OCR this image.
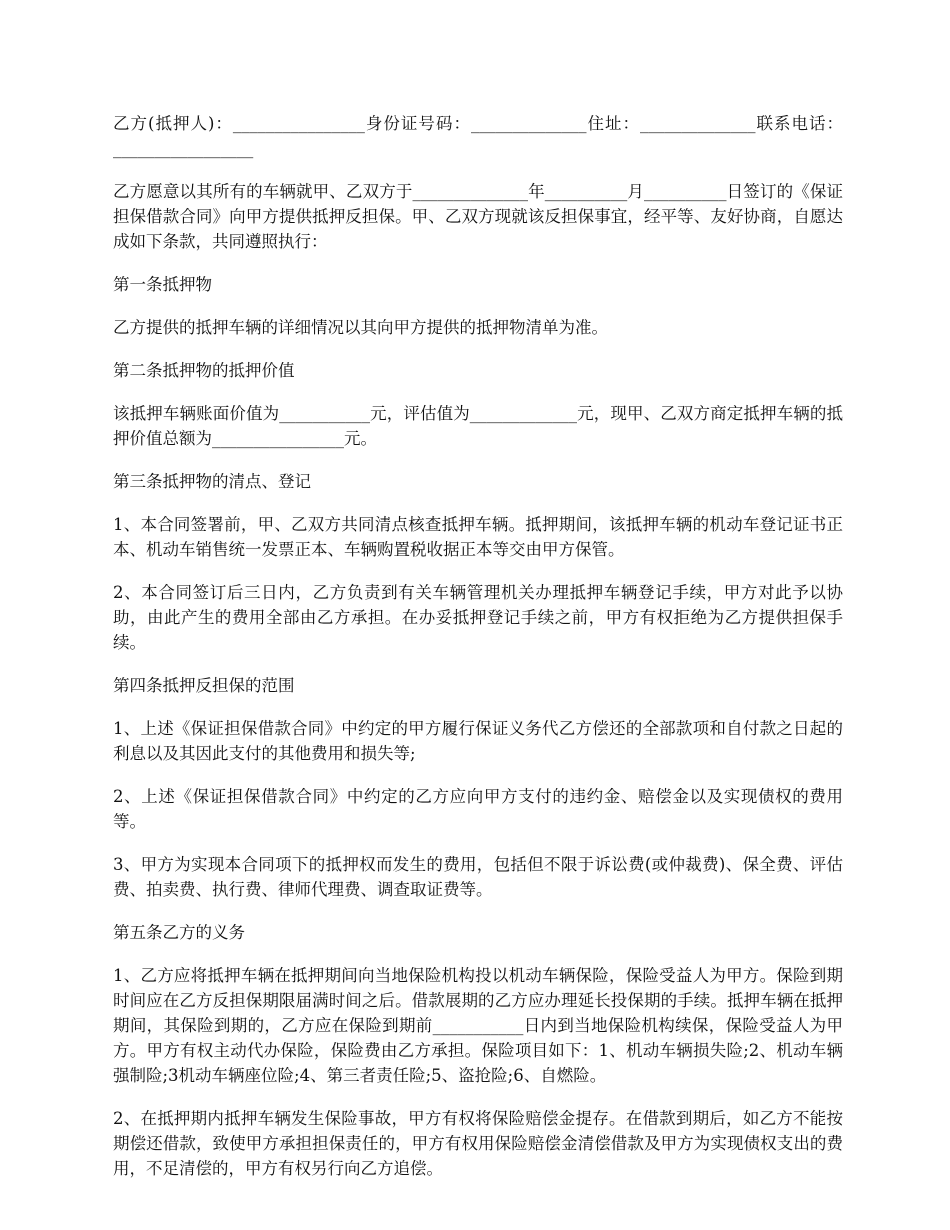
乙方(抵押人)：________________身份证号码：______________住址：______________联系电话：_________________

乙方愿意以其所有的车辆就甲、乙双方于______________年__________月__________日签订的《保证担保借款合同》向甲方提供抵押反担保。甲、乙双方现就该反担保事宜，经平等、友好协商，自愿达成如下条款，共同遵照执行：

第一条抵押物

乙方提供的抵押车辆的详细情况以其向甲方提供的抵押物清单为准。

第二条抵押物的抵押价值

该抵押车辆账面价值为___________元，评估值为_____________元，现甲、乙双方商定抵押车辆的抵押价值总额为________________元。

第三条抵押物的清点、登记

1、本合同签署前，甲、乙双方共同清点核查抵押车辆。抵押期间，该抵押车辆的机动车登记证书正本、机动车销售统一发票正本、车辆购置税收据正本等交由甲方保管。

2、本合同签订后三日内，乙方负责到有关车辆管理机关办理抵押车辆登记手续，甲方对此予以协助，由此产生的费用全部由乙方承担。在办妥抵押登记手续之前，甲方有权拒绝为乙方提供担保手续。

第四条抵押反担保的范围

1、上述《保证担保借款合同》中约定的甲方履行保证义务代乙方偿还的全部款项和自付款之日起的利息以及其因此支付的其他费用和损失等;

2、上述《保证担保借款合同》中约定的乙方应向甲方支付的违约金、赔偿金以及实现债权的费用等。

3、甲方为实现本合同项下的抵押权而发生的费用，包括但不限于诉讼费(或仲裁费)、保全费、评估费、拍卖费、执行费、律师代理费、调查取证费等。

第五条乙方的义务

1、乙方应将抵押车辆在抵押期间向当地保险机构投以机动车辆保险，保险受益人为甲方。保险到期时间应在乙方反担保期限届满时间之后。借款展期的乙方应办理延长投保期的手续。抵押车辆在抵押期间，其保险到期的，乙方应在保险到期前___________日内到当地保险机构续保，保险受益人为甲方。甲方有权主动代办保险，保险费由乙方承担。保险项目如下：1、机动车辆损失险;2、机动车辆强制险;3机动车辆座位险;4、第三者责任险;5、盗抢险;6、自燃险。

2、在抵押期内抵押车辆发生保险事故，甲方有权将保险赔偿金提存。在借款到期后，如乙方不能按期偿还借款，致使甲方承担担保责任的，甲方有权用保险赔偿金清偿借款及甲方为实现债权支出的费用，不足清偿的，甲方有权另行向乙方追偿。
